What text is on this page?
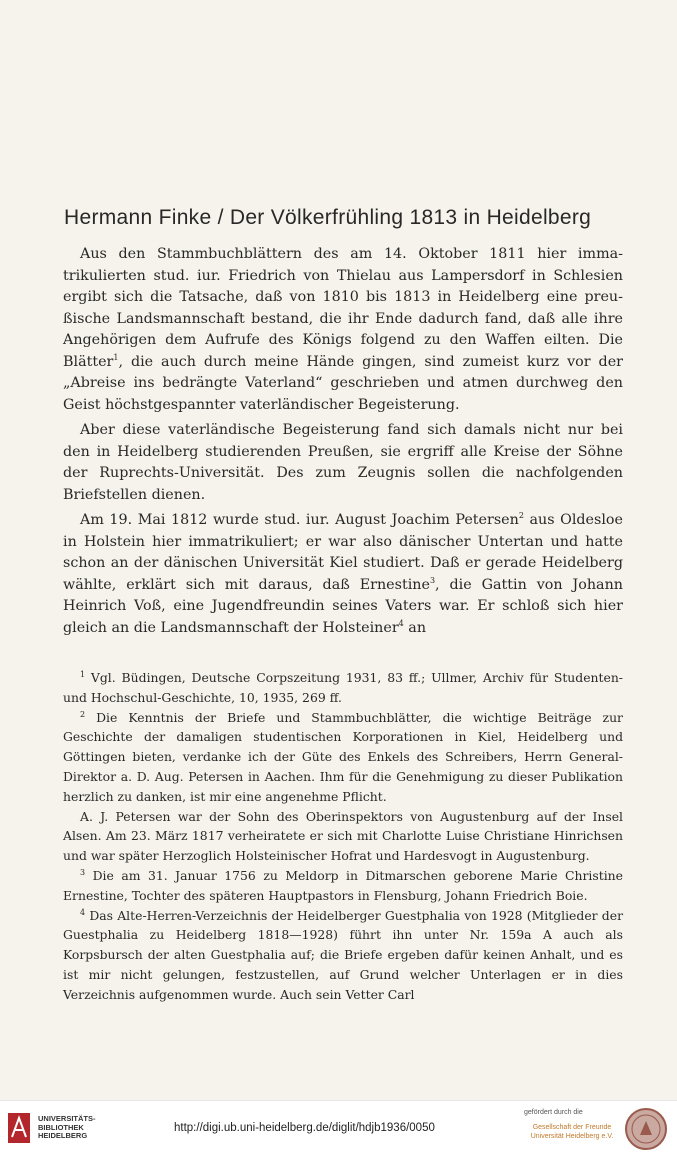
Hermann Finke / Der Völkerfrühling 1813 in Heidelberg

Aus den Stammbuchblättern des am 14. Oktober 1811 hier immatrikulierten stud. iur. Friedrich von Thielau aus Lampersdorf in Schlesien ergibt sich die Tatsache, daß von 1810 bis 1813 in Heidelberg eine preußische Landsmannschaft bestand, die ihr Ende dadurch fand, daß alle ihre Angehörigen dem Aufrufe des Königs folgend zu den Waffen eilten. Die Blätter$^1$, die auch durch meine Hände gingen, sind zumeist kurz vor der „Abreise ins bedrängte Vaterland“ geschrieben und atmen durchweg den Geist höchstgespannter vaterländischer Begeisterung.

Aber diese vaterländische Begeisterung fand sich damals nicht nur bei den in Heidelberg studierenden Preußen, sie ergriff alle Kreise der Söhne der Ruprechts-Universität. Des zum Zeugnis sollen die nachfolgenden Briefstellen dienen.

Am 19. Mai 1812 wurde stud. iur. August Joachim Petersen$^2$ aus Oldesloe in Holstein hier immatrikuliert; er war also dänischer Untertan und hatte schon an der dänischen Universität Kiel studiert. Daß er gerade Heidelberg wählte, erklärt sich mit daraus, daß Ernestine$^3$, die Gattin von Johann Heinrich Voß, eine Jugendfreundin seines Vaters war. Er schloß sich hier gleich an die Landsmannschaft der Holsteiner$^4$ an

$^1$ Vgl. Büdingen, Deutsche Corpszeitung 1931, 83 ff.; Ullmer, Archiv für Studenten- und Hochschul-Geschichte, 10, 1935, 269 ff.

$^2$ Die Kenntnis der Briefe und Stammbuchblätter, die wichtige Beiträge zur Geschichte der damaligen studentischen Korporationen in Kiel, Heidelberg und Göttingen bieten, verdanke ich der Güte des Enkels des Schreibers, Herrn General-Direktor a. D. Aug. Petersen in Aachen. Ihm für die Genehmigung zu dieser Publikation herzlich zu danken, ist mir eine angenehme Pflicht.

A. J. Petersen war der Sohn des Oberinspektors von Augustenburg auf der Insel Alsen. Am 23. März 1817 verheiratete er sich mit Charlotte Luise Christiane Hinrichsen und war später Herzoglich Holsteinischer Hofrat und Hardesvogt in Augustenburg.

$^3$ Die am 31. Januar 1756 zu Meldorp in Ditmarschen geborene Marie Christine Ernestine, Tochter des späteren Hauptpastors in Flensburg, Johann Friedrich Boie.

$^4$ Das Alte-Herren-Verzeichnis der Heidelberger Guestphalia von 1928 (Mitglieder der Guestphalia zu Heidelberg 1818—1928) führt ihn unter Nr. 159a A auch als Korpsbursch der alten Guestphalia auf; die Briefe ergeben dafür keinen Anhalt, und es ist mir nicht gelungen, festzustellen, auf Grund welcher Unterlagen er in dies Verzeichnis aufgenommen wurde. Auch sein Vetter Carl

UNIVERSITÄTS-
BIBLIOTHEK
HEIDELBERG
http://digi.ub.uni-heidelberg.de/diglit/hdjb1936/0050
gefördert durch die
Gesellschaft der Freunde
Universität Heidelberg e.V.
